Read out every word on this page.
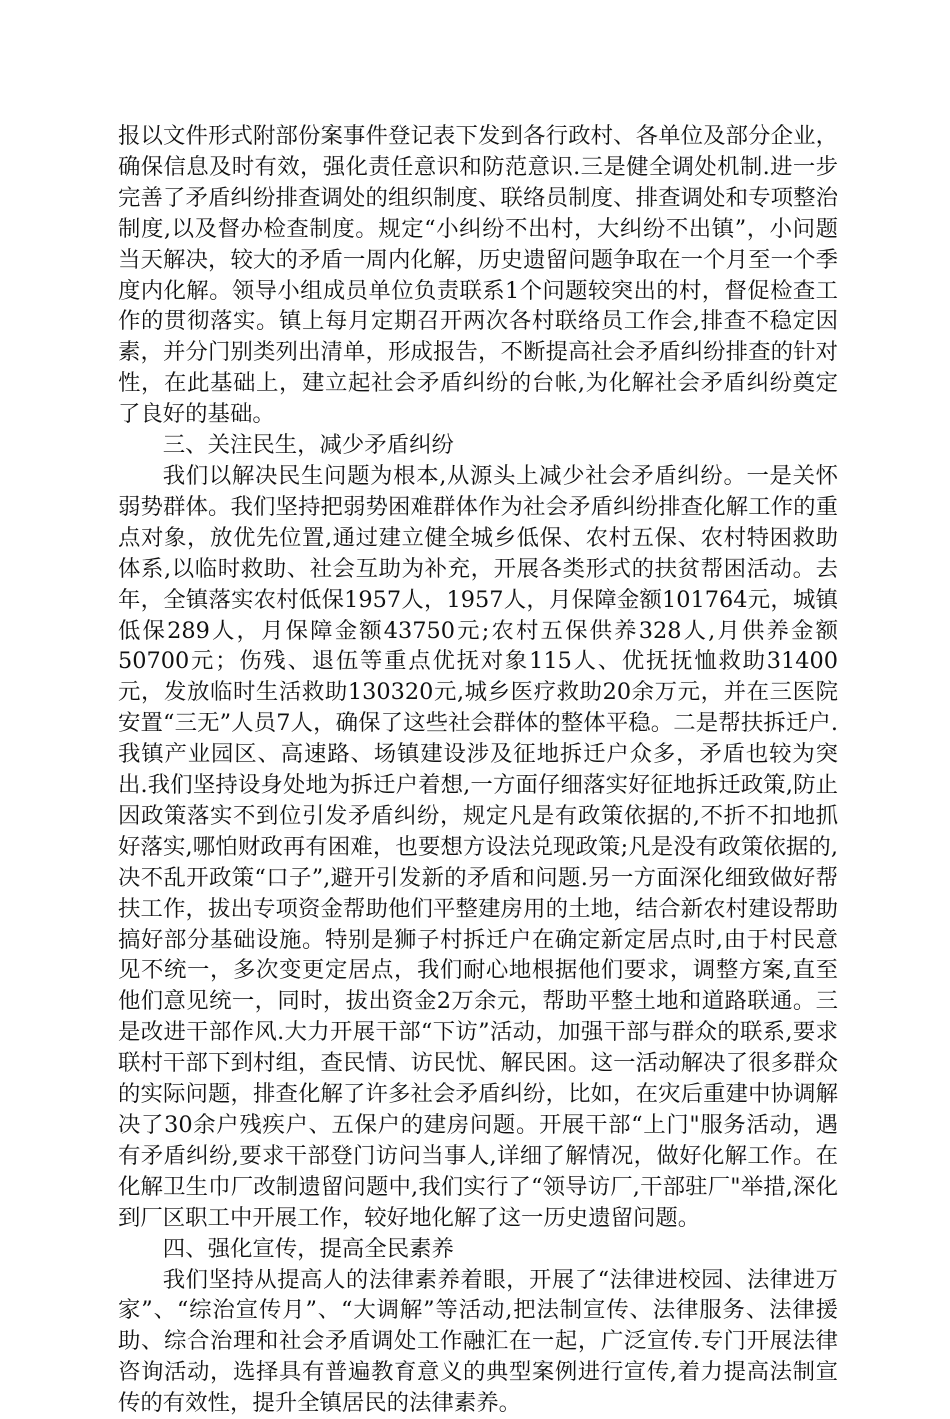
报以文件形式附部份案事件登记表下发到各行政村、各单位及部分企业，确保信息及时有效，强化责任意识和防范意识.三是健全调处机制.进一步完善了矛盾纠纷排查调处的组织制度、联络员制度、排查调处和专项整治制度,以及督办检查制度。规定“小纠纷不出村，大纠纷不出镇”，小问题当天解决，较大的矛盾一周内化解，历史遗留问题争取在一个月至一个季度内化解。领导小组成员单位负责联系1个问题较突出的村，督促检查工作的贯彻落实。镇上每月定期召开两次各村联络员工作会,排查不稳定因素，并分门别类列出清单，形成报告，不断提高社会矛盾纠纷排查的针对性，在此基础上，建立起社会矛盾纠纷的台帐,为化解社会矛盾纠纷奠定了良好的基础。

三、关注民生，减少矛盾纠纷

我们以解决民生问题为根本,从源头上减少社会矛盾纠纷。一是关怀弱势群体。我们坚持把弱势困难群体作为社会矛盾纠纷排查化解工作的重点对象，放优先位置,通过建立健全城乡低保、农村五保、农村特困救助体系,以临时救助、社会互助为补充，开展各类形式的扶贫帮困活动。去年，全镇落实农村低保1957人，1957人，月保障金额101764元，城镇低保289人，月保障金额43750元;农村五保供养328人,月供养金额50700元；伤残、退伍等重点优抚对象115人、优抚抚恤救助31400元，发放临时生活救助130320元,城乡医疗救助20余万元，并在三医院安置“三无”人员7人，确保了这些社会群体的整体平稳。二是帮扶拆迁户.我镇产业园区、高速路、场镇建设涉及征地拆迁户众多，矛盾也较为突出.我们坚持设身处地为拆迁户着想,一方面仔细落实好征地拆迁政策,防止因政策落实不到位引发矛盾纠纷，规定凡是有政策依据的,不折不扣地抓好落实,哪怕财政再有困难，也要想方设法兑现政策;凡是没有政策依据的,决不乱开政策“口子”,避开引发新的矛盾和问题.另一方面深化细致做好帮扶工作，拔出专项资金帮助他们平整建房用的土地，结合新农村建设帮助搞好部分基础设施。特别是狮子村拆迁户在确定新定居点时,由于村民意见不统一，多次变更定居点，我们耐心地根据他们要求，调整方案,直至他们意见统一，同时，拔出资金2万余元，帮助平整土地和道路联通。三是改进干部作风.大力开展干部“下访”活动，加强干部与群众的联系,要求联村干部下到村组，查民情、访民忧、解民困。这一活动解决了很多群众的实际问题，排查化解了许多社会矛盾纠纷，比如，在灾后重建中协调解决了30余户残疾户、五保户的建房问题。开展干部“上门"服务活动，遇有矛盾纠纷,要求干部登门访问当事人,详细了解情况，做好化解工作。在化解卫生巾厂改制遗留问题中,我们实行了“领导访厂,干部驻厂"举措,深化到厂区职工中开展工作，较好地化解了这一历史遗留问题。

四、强化宣传，提高全民素养

我们坚持从提高人的法律素养着眼，开展了“法律进校园、法律进万家”、“综治宣传月”、“大调解”等活动,把法制宣传、法律服务、法律援助、综合治理和社会矛盾调处工作融汇在一起，广泛宣传.专门开展法律咨询活动，选择具有普遍教育意义的典型案例进行宣传,着力提高法制宣传的有效性，提升全镇居民的法律素养。
